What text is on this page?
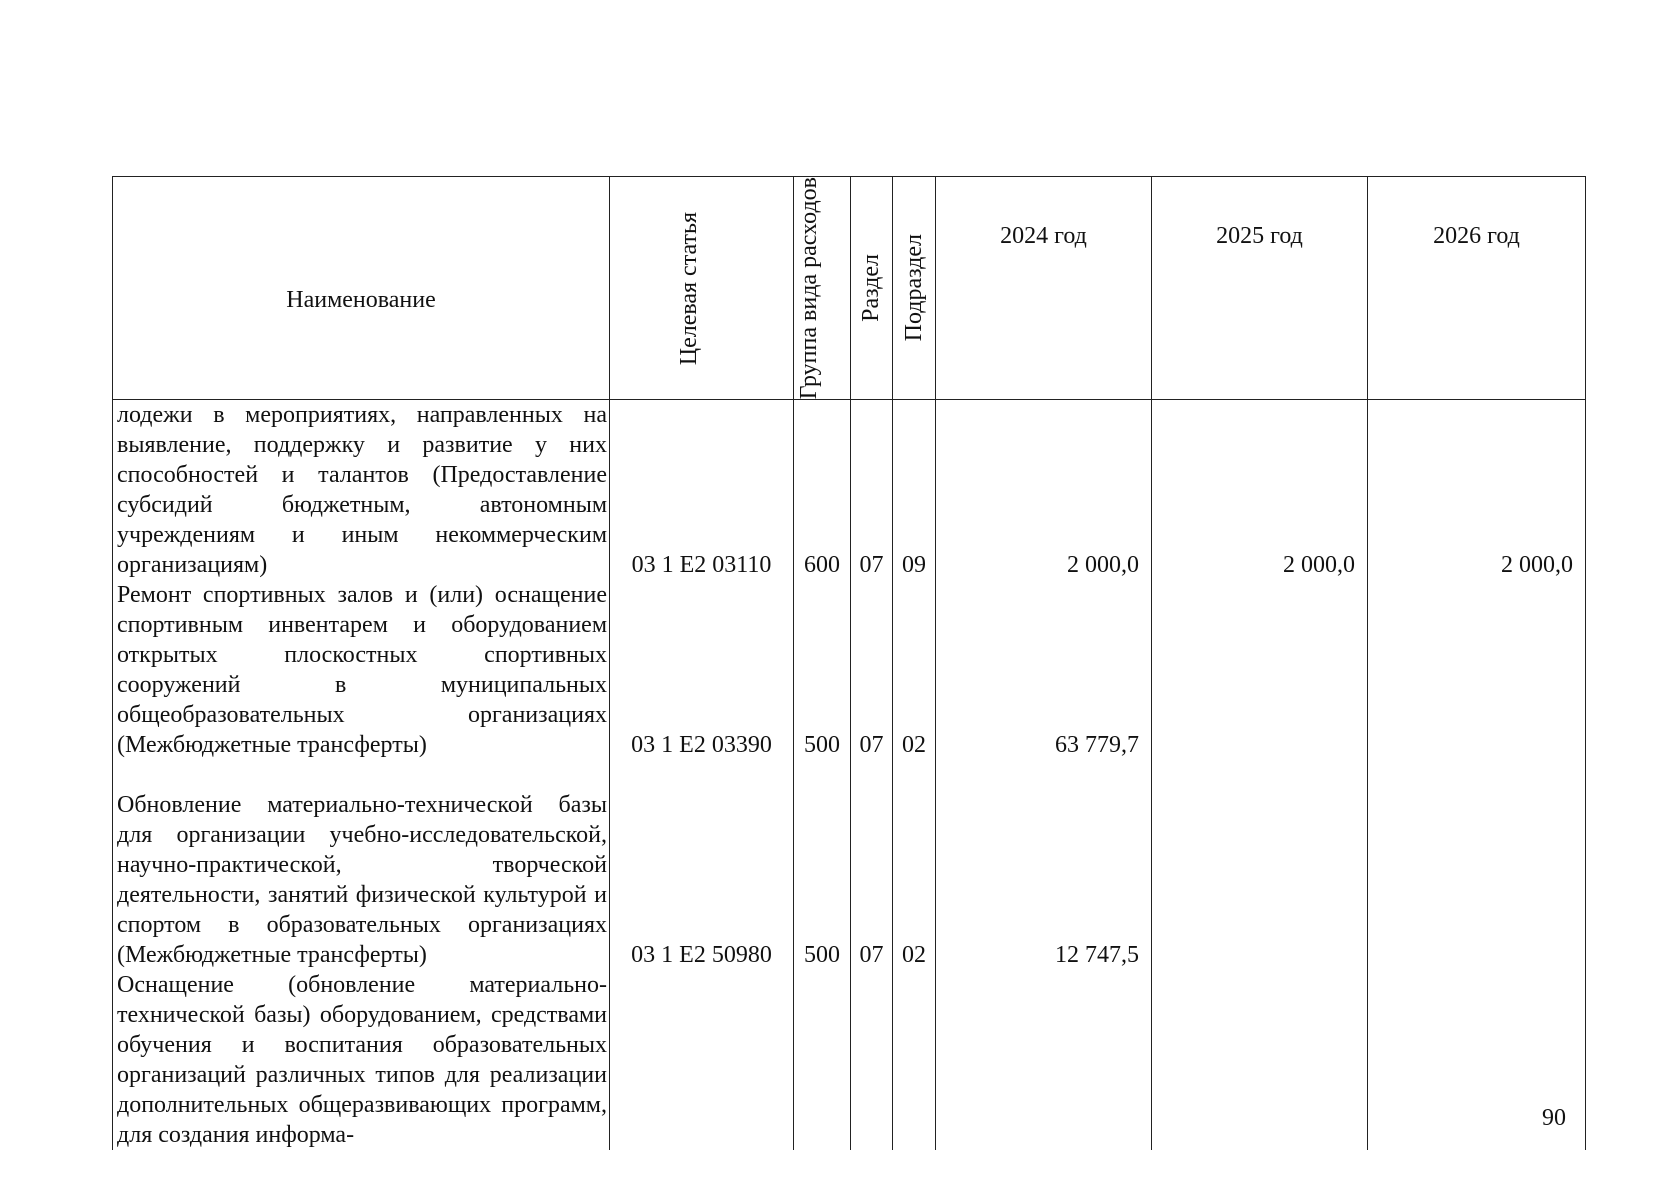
Наименование	Целевая статья	Группа вида расходов	Раздел	Подраздел	2024 год	2025 год	2026 год
лодежи в мероприятиях, направленных на выявление, поддержку и развитие у них способностей и талантов (Предоставление субсидий бюджетным, автономным учреждениям и иным некоммерческим организациям)	03 1 Е2 03110	600	07	09	2 000,0	2 000,0	2 000,0
Ремонт спортивных залов и (или) оснащение спортивным инвентарем и оборудованием открытых плоскостных спортивных сооружений в муниципальных общеобразовательных организациях (Межбюджетные трансферты)	03 1 Е2 03390	500	07	02	63 779,7		
Обновление материально-технической базы для организации учебно-исследовательской, научно-практической, творческой деятельности, занятий физической культурой и спортом в образовательных организациях (Межбюджетные трансферты)	03 1 Е2 50980	500	07	02	12 747,5		
Оснащение (обновление материально-технической базы) оборудованием, средствами обучения и воспитания образовательных организаций различных типов для реализации дополнительных общеразвивающих программ, для создания информа-							
90
